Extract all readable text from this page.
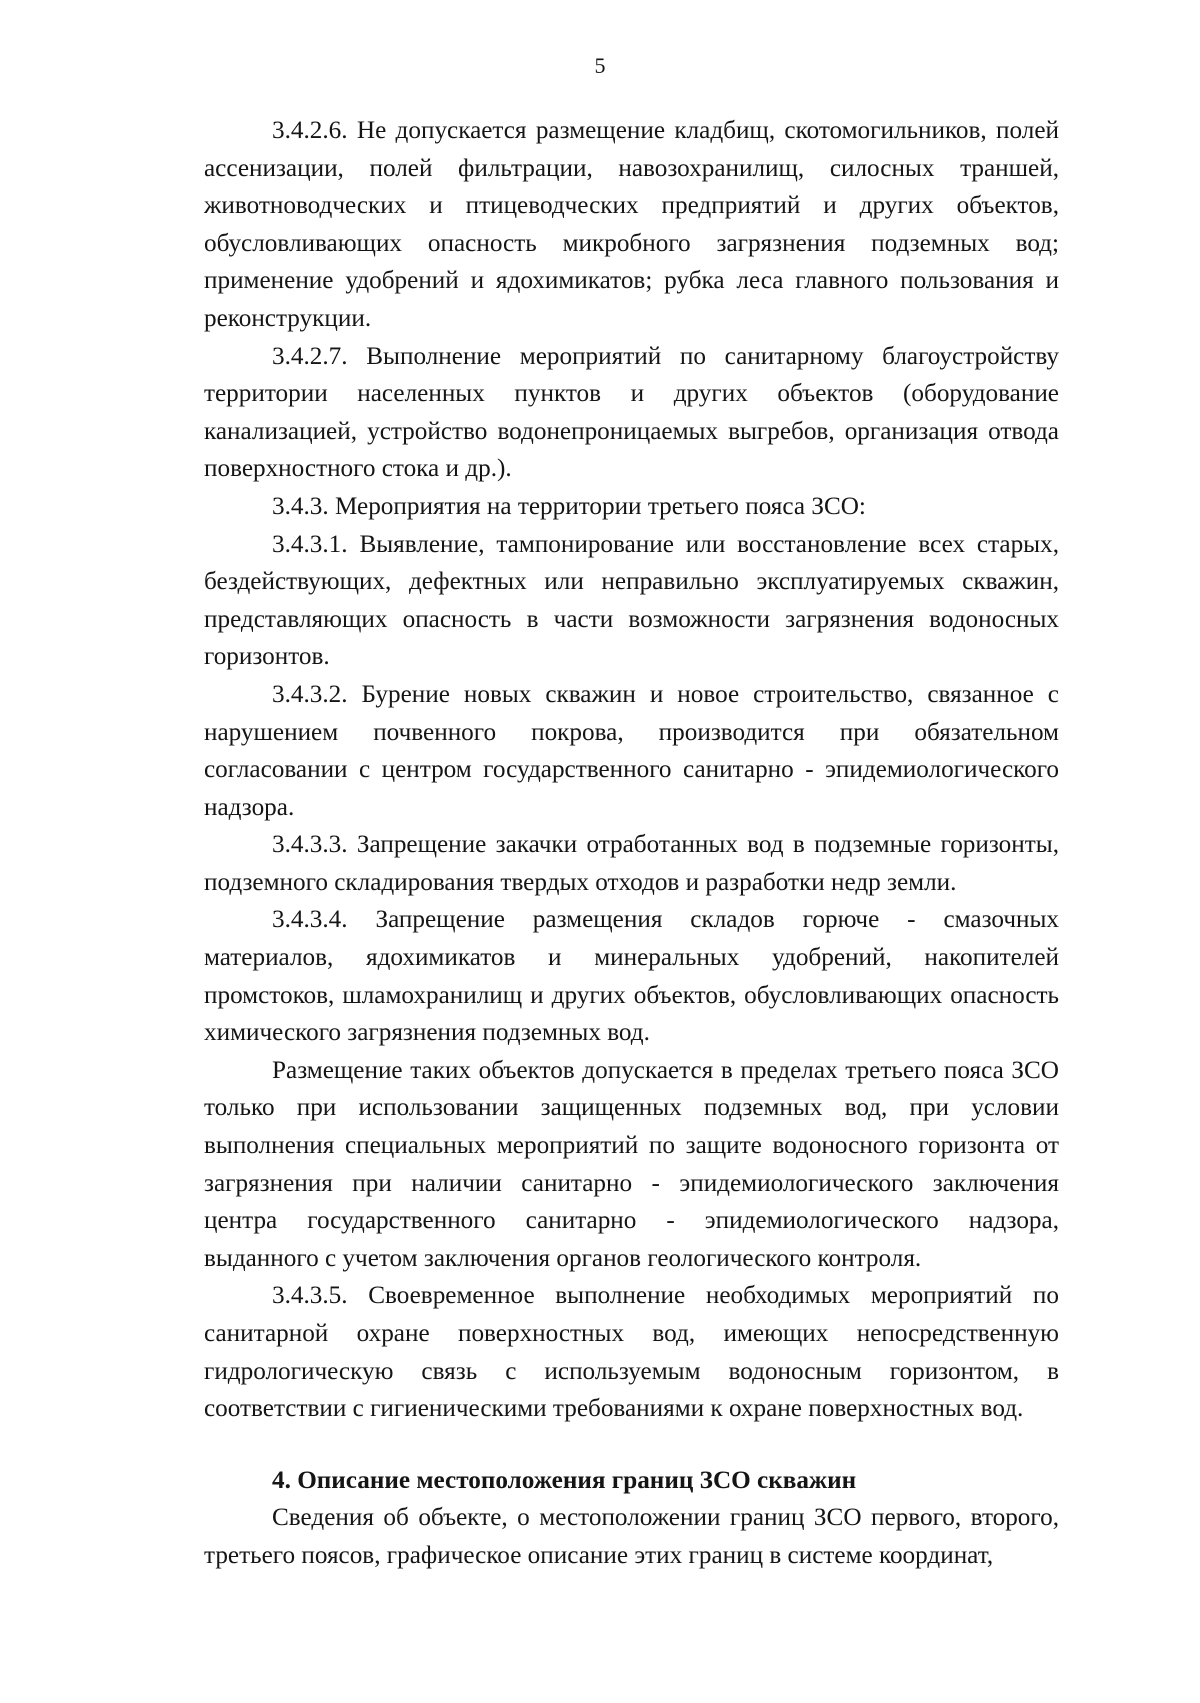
5

3.4.2.6. Не допускается размещение кладбищ, скотомогильников, полей ассенизации, полей фильтрации, навозохранилищ, силосных траншей, животноводческих и птицеводческих предприятий и других объектов, обусловливающих опасность микробного загрязнения подземных вод; применение удобрений и ядохимикатов; рубка леса главного пользования и реконструкции.

3.4.2.7. Выполнение мероприятий по санитарному благоустройству территории населенных пунктов и других объектов (оборудование канализацией, устройство водонепроницаемых выгребов, организация отвода поверхностного стока и др.).

3.4.3. Мероприятия на территории третьего пояса ЗСО:

3.4.3.1. Выявление, тампонирование или восстановление всех старых, бездействующих, дефектных или неправильно эксплуатируемых скважин, представляющих опасность в части возможности загрязнения водоносных горизонтов.

3.4.3.2. Бурение новых скважин и новое строительство, связанное с нарушением почвенного покрова, производится при обязательном согласовании с центром государственного санитарно - эпидемиологического надзора.

3.4.3.3. Запрещение закачки отработанных вод в подземные горизонты, подземного складирования твердых отходов и разработки недр земли.

3.4.3.4. Запрещение размещения складов горюче - смазочных материалов, ядохимикатов и минеральных удобрений, накопителей промстоков, шламохранилищ и других объектов, обусловливающих опасность химического загрязнения подземных вод.

Размещение таких объектов допускается в пределах третьего пояса ЗСО только при использовании защищенных подземных вод, при условии выполнения специальных мероприятий по защите водоносного горизонта от загрязнения при наличии санитарно - эпидемиологического заключения центра государственного санитарно - эпидемиологического надзора, выданного с учетом заключения органов геологического контроля.

3.4.3.5. Своевременное выполнение необходимых мероприятий по санитарной охране поверхностных вод, имеющих непосредственную гидрологическую связь с используемым водоносным горизонтом, в соответствии с гигиеническими требованиями к охране поверхностных вод.

4. Описание местоположения границ ЗСО скважин

Сведения об объекте, о местоположении границ ЗСО первого, второго, третьего поясов, графическое описание этих границ в системе координат,
